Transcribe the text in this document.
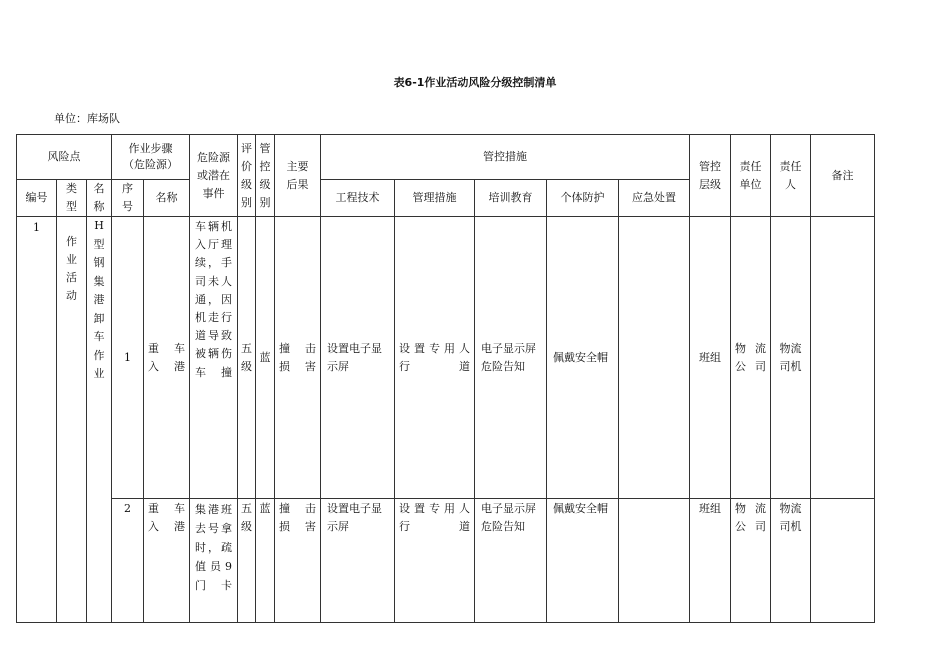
表6-1作业活动风险分级控制清单
单位：库场队
风险点			作业步骤
（危险源）		危险源或潜在事件	评价级别	管控级别	主要后果	管控措施					管控层级	责任单位	责任人	备注
编号	类型	名称	序号	名称					工程技术	管理措施	培训教育	个体防护	应急处置				
1	作业活动	H型钢集港卸车作业	1	重 车 入港	车辆机入厅理续，手司未人通，因机走行道导致被辆伤车撞	五级	蓝	撞 击 损害	设置电子显示屏	设 置 专 用 人行道	电子显示屏危险告知	佩戴安全帽		班组	物 流 公司	物流司机	
			2	重 车 入港	集港班去号拿时，疏值员9门卡	五级	蓝	撞 击 损害	设置电子显示屏	设 置 专 用 人行道	电子显示屏危险告知	佩戴安全帽		班组	物 流 公司	物流司机	
